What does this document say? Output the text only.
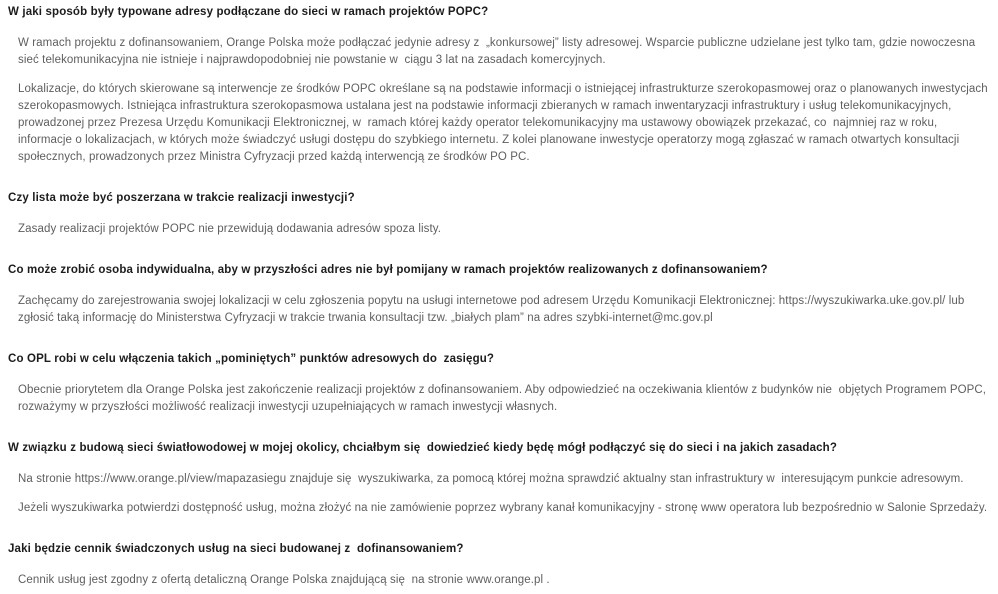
W jaki sposób były typowane adresy podłączane do sieci w ramach projektów POPC?

W ramach projektu z dofinansowaniem, Orange Polska może podłączać jedynie adresy z  „konkursowej” listy adresowej. Wsparcie publiczne udzielane jest tylko tam, gdzie nowoczesna sieć telekomunikacyjna nie istnieje i najprawdopodobniej nie powstanie w  ciągu 3 lat na zasadach komercyjnych.

Lokalizacje, do których skierowane są interwencje ze środków POPC określane są na podstawie informacji o istniejącej infrastrukturze szerokopasmowej oraz o planowanych inwestycjach szerokopasmowych. Istniejąca infrastruktura szerokopasmowa ustalana jest na podstawie informacji zbieranych w ramach inwentaryzacji infrastruktury i usług telekomunikacyjnych, prowadzonej przez Prezesa Urzędu Komunikacji Elektronicznej, w  ramach której każdy operator telekomunikacyjny ma ustawowy obowiązek przekazać, co  najmniej raz w roku, informacje o lokalizacjach, w których może świadczyć usługi dostępu do szybkiego internetu. Z kolei planowane inwestycje operatorzy mogą zgłaszać w ramach otwartych konsultacji społecznych, prowadzonych przez Ministra Cyfryzacji przed każdą interwencją ze środków PO PC.

Czy lista może być poszerzana w trakcie realizacji inwestycji?

Zasady realizacji projektów POPC nie przewidują dodawania adresów spoza listy.

Co może zrobić osoba indywidualna, aby w przyszłości adres nie był pomijany w ramach projektów realizowanych z dofinansowaniem?

Zachęcamy do zarejestrowania swojej lokalizacji w celu zgłoszenia popytu na usługi internetowe pod adresem Urzędu Komunikacji Elektronicznej: https://wyszukiwarka.uke.gov.pl/ lub zgłosić taką informację do Ministerstwa Cyfryzacji w trakcie trwania konsultacji tzw. „białych plam” na adres szybki-internet@mc.gov.pl

Co OPL robi w celu włączenia takich „pominiętych” punktów adresowych do  zasięgu?

Obecnie priorytetem dla Orange Polska jest zakończenie realizacji projektów z dofinansowaniem. Aby odpowiedzieć na oczekiwania klientów z budynków nie  objętych Programem POPC, rozważymy w przyszłości możliwość realizacji inwestycji uzupełniających w ramach inwestycji własnych.

W związku z budową sieci światłowodowej w mojej okolicy, chciałbym się  dowiedzieć kiedy będę mógł podłączyć się do sieci i na jakich zasadach?

Na stronie https://www.orange.pl/view/mapazasiegu znajduje się  wyszukiwarka, za pomocą której można sprawdzić aktualny stan infrastruktury w  interesującym punkcie adresowym.

Jeżeli wyszukiwarka potwierdzi dostępność usług, można złożyć na nie zamówienie poprzez wybrany kanał komunikacyjny - stronę www operatora lub bezpośrednio w Salonie Sprzedaży.

Jaki będzie cennik świadczonych usług na sieci budowanej z  dofinansowaniem?

Cennik usług jest zgodny z ofertą detaliczną Orange Polska znajdującą się  na stronie www.orange.pl .
